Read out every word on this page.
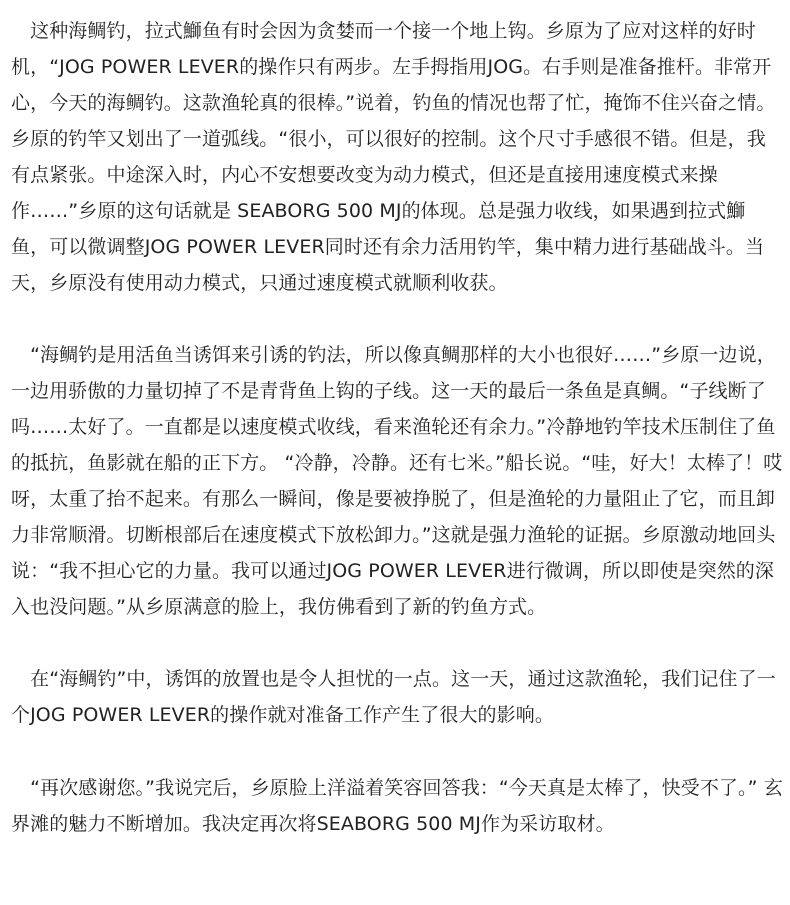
　这种海鲷钓，拉式鰤鱼有时会因为贪婪而一个接一个地上钩。乡原为了应对这样的好时机，“JOG POWER LEVER的操作只有两步。左手拇指用JOG。右手则是准备推杆。非常开心，今天的海鲷钓。这款渔轮真的很棒。”说着，钓鱼的情况也帮了忙，掩饰不住兴奋之情。乡原的钓竿又划出了一道弧线。“很小，可以很好的控制。这个尺寸手感很不错。但是，我有点紧张。中途深入时，内心不安想要改变为动力模式，但还是直接用速度模式来操作……”乡原的这句话就是 SEABORG 500 MJ的体现。总是强力收线，如果遇到拉式鰤鱼，可以微调整JOG POWER LEVER同时还有余力活用钓竿，集中精力进行基础战斗。当天，乡原没有使用动力模式，只通过速度模式就顺利收获。

　“海鲷钓是用活鱼当诱饵来引诱的钓法，所以像真鲷那样的大小也很好……”乡原一边说，一边用骄傲的力量切掉了不是青背鱼上钩的子线。这一天的最后一条鱼是真鲷。“子线断了吗……太好了。一直都是以速度模式收线，看来渔轮还有余力。”冷静地钓竿技术压制住了鱼的抵抗，鱼影就在船的正下方。 “冷静，冷静。还有七米。”船长说。“哇，好大！太棒了！哎呀，太重了抬不起来。有那么一瞬间，像是要被挣脱了，但是渔轮的力量阻止了它，而且卸力非常顺滑。切断根部后在速度模式下放松卸力。”这就是强力渔轮的证据。乡原激动地回头说：“我不担心它的力量。我可以通过JOG POWER LEVER进行微调，所以即使是突然的深入也没问题。”从乡原满意的脸上，我仿佛看到了新的钓鱼方式。

　在“海鲷钓”中，诱饵的放置也是令人担忧的一点。这一天，通过这款渔轮，我们记住了一个JOG POWER LEVER的操作就对准备工作产生了很大的影响。

　“再次感谢您。”我说完后，乡原脸上洋溢着笑容回答我：“今天真是太棒了，快受不了。” 玄界滩的魅力不断增加。我决定再次将SEABORG 500 MJ作为采访取材。
